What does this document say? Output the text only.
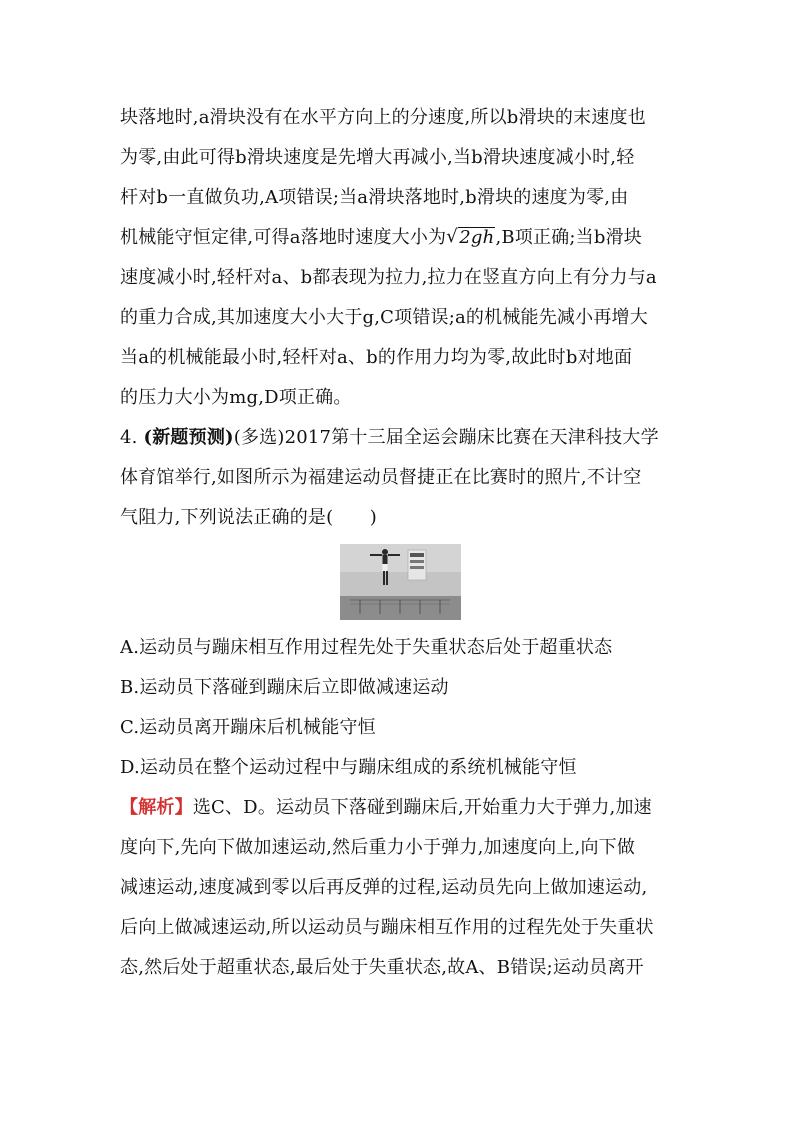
块落地时,a滑块没有在水平方向上的分速度,所以b滑块的末速度也
为零,由此可得b滑块速度是先增大再减小,当b滑块速度减小时,轻
杆对b一直做负功,A项错误;当a滑块落地时,b滑块的速度为零,由
机械能守恒定律,可得a落地时速度大小为 √ 2gh,B项正确;当b滑块
速度减小时,轻杆对a、b都表现为拉力,拉力在竖直方向上有分力与a
的重力合成,其加速度大小大于g,C项错误;a的机械能先减小再增大
当a的机械能最小时,轻杆对a、b的作用力均为零,故此时b对地面
的压力大小为mg,D项正确。
4. (新题预测)(多选)2017第十三届全运会蹦床比赛在天津科技大学
体育馆举行,如图所示为福建运动员督捷正在比赛时的照片,不计空
气阻力,下列说法正确的是(　　)
A.运动员与蹦床相互作用过程先处于失重状态后处于超重状态
B.运动员下落碰到蹦床后立即做减速运动
C.运动员离开蹦床后机械能守恒
D.运动员在整个运动过程中与蹦床组成的系统机械能守恒
【解析】选C、D。运动员下落碰到蹦床后,开始重力大于弹力,加速
度向下,先向下做加速运动,然后重力小于弹力,加速度向上,向下做
减速运动,速度减到零以后再反弹的过程,运动员先向上做加速运动,
后向上做减速运动,所以运动员与蹦床相互作用的过程先处于失重状
态,然后处于超重状态,最后处于失重状态,故A、B错误;运动员离开
